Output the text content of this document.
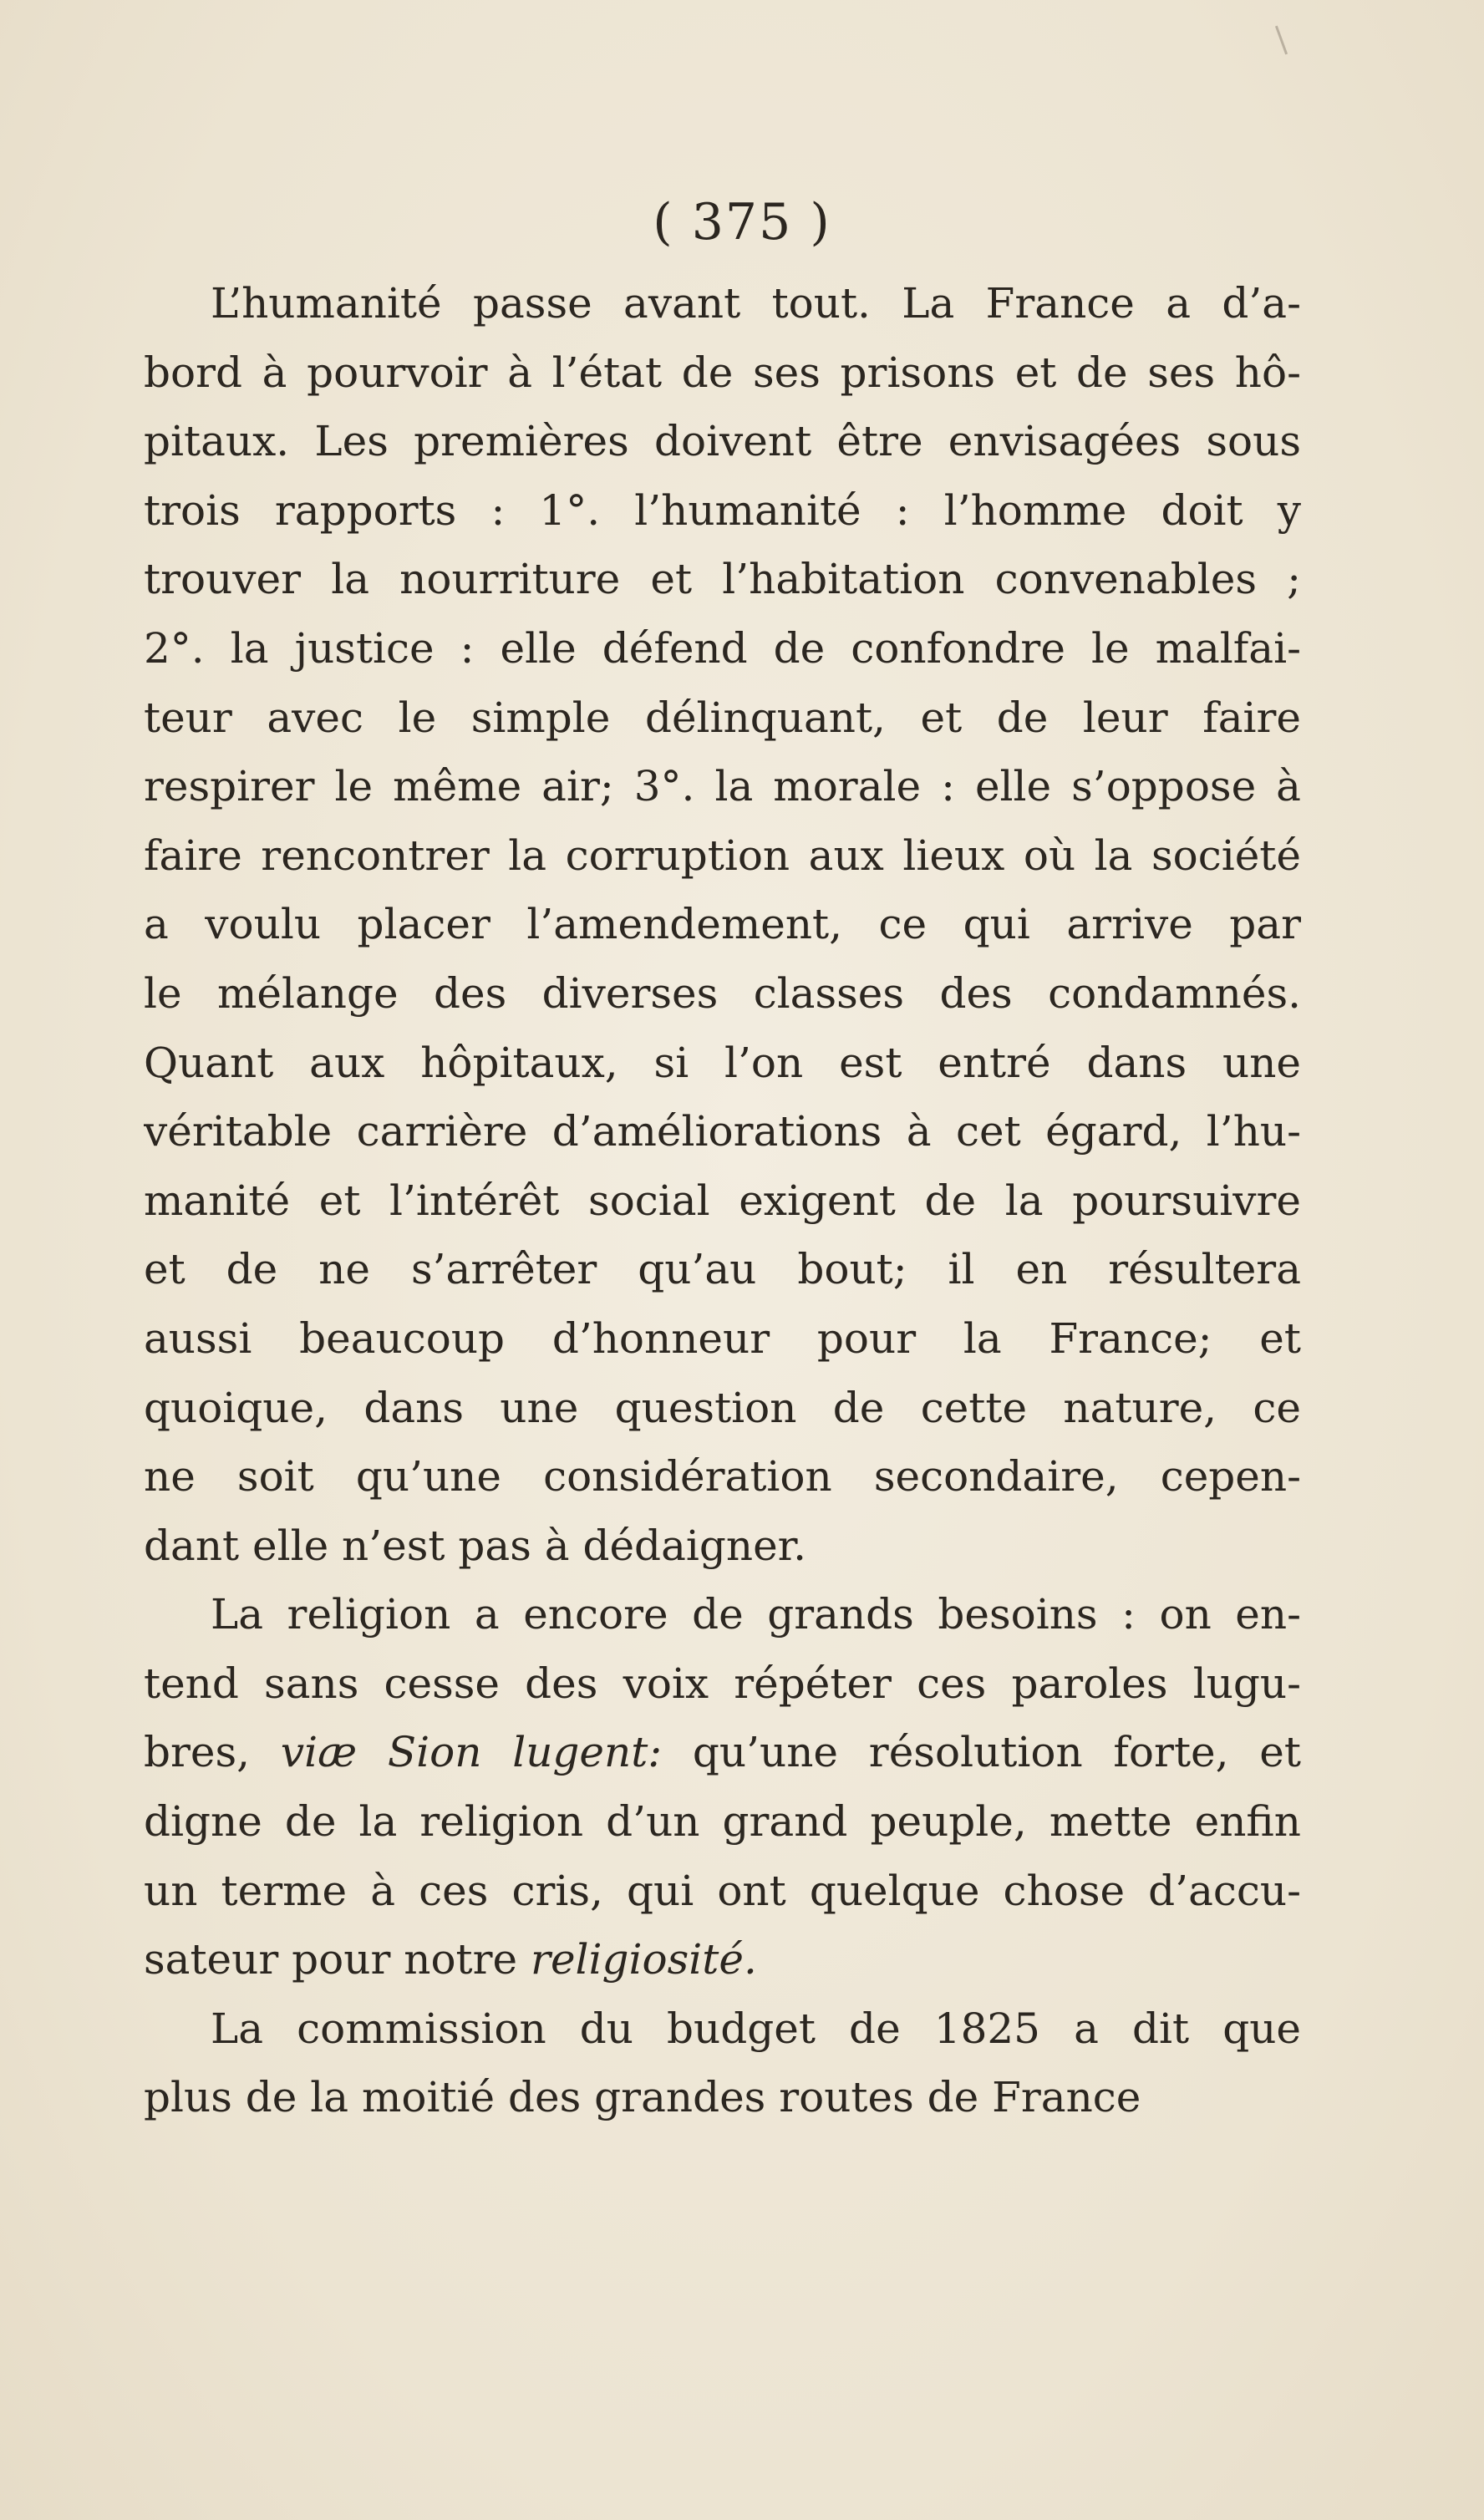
( 375 )
L’humanité passe avant tout. La France a d’a-
bord à pourvoir à l’état de ses prisons et de ses hô-
pitaux. Les premières doivent être envisagées sous
trois rapports : 1°. l’humanité : l’homme doit y
trouver la nourriture et l’habitation convenables ;
2°. la justice : elle défend de confondre le malfai-
teur avec le simple délinquant, et de leur faire
respirer le même air; 3°. la morale : elle s’oppose à
faire rencontrer la corruption aux lieux où la société
a voulu placer l’amendement, ce qui arrive par
le mélange des diverses classes des condamnés.
Quant aux hôpitaux, si l’on est entré dans une
véritable carrière d’améliorations à cet égard, l’hu-
manité et l’intérêt social exigent de la poursuivre
et de ne s’arrêter qu’au bout; il en résultera
aussi beaucoup d’honneur pour la France; et
quoique, dans une question de cette nature, ce
ne soit qu’une considération secondaire, cepen-
dant elle n’est pas à dédaigner.
La religion a encore de grands besoins : on en-
tend sans cesse des voix répéter ces paroles lugu-
bres, viæ Sion lugent: qu’une résolution forte, et
digne de la religion d’un grand peuple, mette enfin
un terme à ces cris, qui ont quelque chose d’accu-
sateur pour notre religiosité.
La commission du budget de 1825 a dit que
plus de la moitié des grandes routes de France
